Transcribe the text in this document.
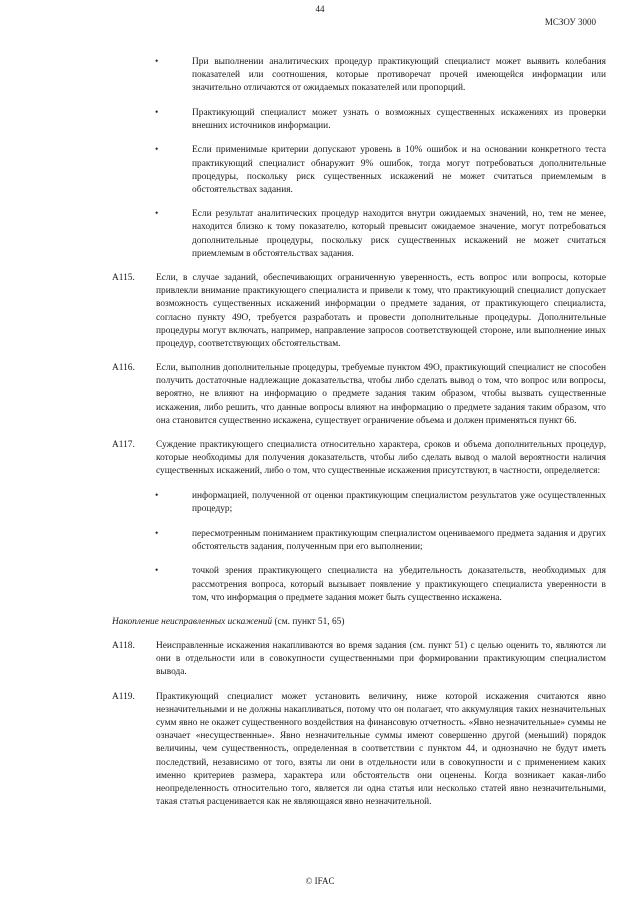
44
МСЗОУ 3000
•	При выполнении аналитических процедур практикующий специалист может выявить колебания показателей или соотношения, которые противоречат прочей имеющейся информации или значительно отличаются от ожидаемых показателей или пропорций.
•	Практикующий специалист может узнать о возможных существенных искажениях из проверки внешних источников информации.
•	Если применимые критерии допускают уровень в 10% ошибок и на основании конкретного теста практикующий специалист обнаружит 9% ошибок, тогда могут потребоваться дополнительные процедуры, поскольку риск существенных искажений не может считаться приемлемым в обстоятельствах задания.
•	Если результат аналитических процедур находится внутри ожидаемых значений, но, тем не менее, находится близко к тому показателю, который превысит ожидаемое значение, могут потребоваться дополнительные процедуры, поскольку риск существенных искажений не может считаться приемлемым в обстоятельствах задания.
A115. Если, в случае заданий, обеспечивающих ограниченную уверенность, есть вопрос или вопросы, которые привлекли внимание практикующего специалиста и привели к тому, что практикующий специалист допускает возможность существенных искажений информации о предмете задания, от практикующего специалиста, согласно пункту 49О, требуется разработать и провести дополнительные процедуры. Дополнительные процедуры могут включать, например, направление запросов соответствующей стороне, или выполнение иных процедур, соответствующих обстоятельствам.
A116. Если, выполнив дополнительные процедуры, требуемые пунктом 49О, практикующий специалист не способен получить достаточные надлежащие доказательства, чтобы либо сделать вывод о том, что вопрос или вопросы, вероятно, не влияют на информацию о предмете задания таким образом, чтобы вызвать существенные искажения, либо решить, что данные вопросы влияют на информацию о предмете задания таким образом, что она становится существенно искажена, существует ограничение объема и должен применяться пункт 66.
A117. Суждение практикующего специалиста относительно характера, сроков и объема дополнительных процедур, которые необходимы для получения доказательств, чтобы либо сделать вывод о малой вероятности наличия существенных искажений, либо о том, что существенные искажения присутствуют, в частности, определяется:
•	информацией, полученной от оценки практикующим специалистом результатов уже осуществленных процедур;
•	пересмотренным пониманием практикующим специалистом оцениваемого предмета задания и других обстоятельств задания, полученным при его выполнении;
•	точкой зрения практикующего специалиста на убедительность доказательств, необходимых для рассмотрения вопроса, который вызывает появление у практикующего специалиста уверенности в том, что информация о предмете задания может быть существенно искажена.
Накопление неисправленных искажений (см. пункт 51, 65)
A118. Неисправленные искажения накапливаются во время задания (см. пункт 51) с целью оценить то, являются ли они в отдельности или в совокупности существенными при формировании практикующим специалистом вывода.
A119. Практикующий специалист может установить величину, ниже которой искажения считаются явно незначительными и не должны накапливаться, потому что он полагает, что аккумуляция таких незначительных сумм явно не окажет существенного воздействия на финансовую отчетность. «Явно незначительные» суммы не означает «несущественные». Явно незначительные суммы имеют совершенно другой (меньший) порядок величины, чем существенность, определенная в соответствии с пунктом 44, и однозначно не будут иметь последствий, независимо от того, взяты ли они в отдельности или в совокупности и с применением каких именно критериев размера, характера или обстоятельств они оценены. Когда возникает какая-либо неопределенность относительно того, является ли одна статья или несколько статей явно незначительными, такая статья расценивается как не являющаяся явно незначительной.
© IFAC
